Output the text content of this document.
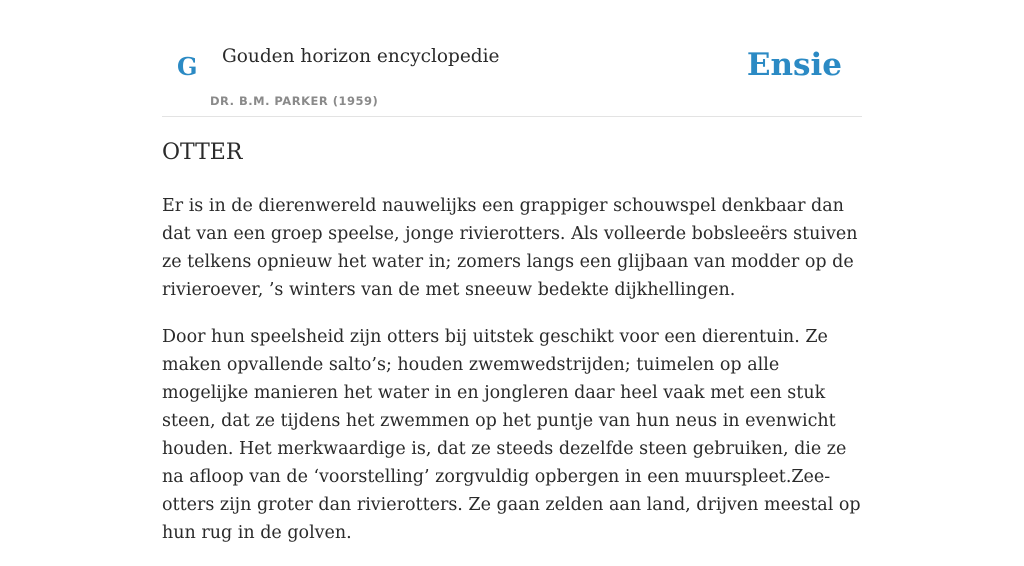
G Gouden horizon encyclopedie
DR. B.M. PARKER (1959)
Ensie
OTTER

Er is in de dierenwereld nauwelijks een grappiger schouwspel denkbaar dan dat van een groep speelse, jonge rivierotters. Als volleerde bobsleeërs stuiven ze telkens opnieuw het water in; zomers langs een glijbaan van modder op de rivieroever, ’s winters van de met sneeuw bedekte dijkhellingen.

Door hun speelsheid zijn otters bij uitstek geschikt voor een dierentuin. Ze maken opvallende salto’s; houden zwemwedstrijden; tuimelen op alle mogelijke manieren het water in en jongleren daar heel vaak met een stuk steen, dat ze tijdens het zwemmen op het puntje van hun neus in evenwicht houden. Het merkwaardige is, dat ze steeds dezelfde steen gebruiken, die ze na afloop van de ‘voorstelling’ zorgvuldig opbergen in een muurspleet.Zee-otters zijn groter dan rivierotters. Ze gaan zelden aan land, drijven meestal op hun rug in de golven.
